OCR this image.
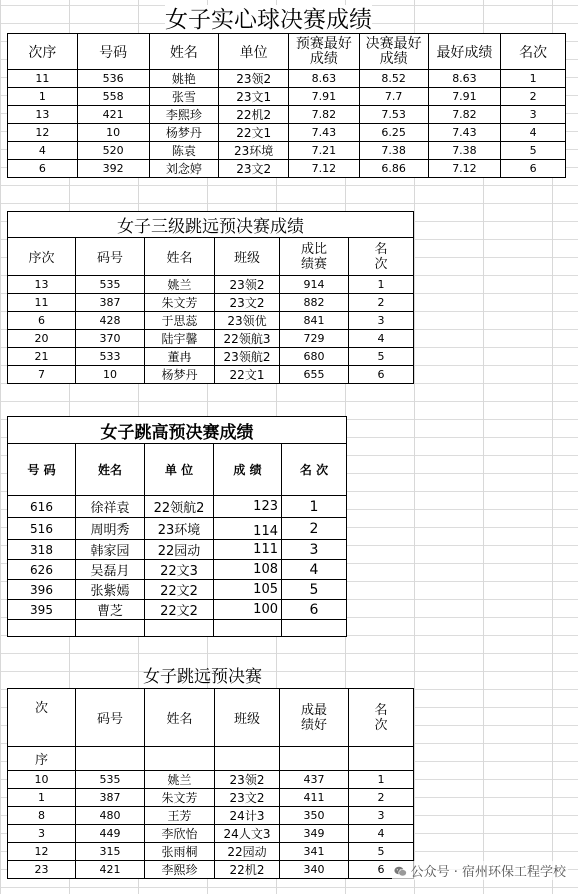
女子实心球决赛成绩
次序	号码	姓名	单位	预赛最好成绩	决赛最好成绩	最好成绩	名次
11	536	姚艳	23领2	8.63	8.52	8.63	1
1	558	张雪	23文1	7.91	7.7	7.91	2
13	421	李熙珍	22机2	7.82	7.53	7.82	3
12	10	杨梦丹	22文1	7.43	6.25	7.43	4
4	520	陈袁	23环境	7.21	7.38	7.38	5
6	392	刘念婷	23文2	7.12	6.86	7.12	6
女子三级跳远预决赛成绩					
序次	码号	姓名	班级	成比绩赛	名次
13	535	姚兰	23领2	914	1
11	387	朱文芳	23文2	882	2
6	428	于思蕊	23领优	841	3
20	370	陆宇馨	22领航3	729	4
21	533	董冉	23领航2	680	5
7	10	杨梦丹	22文1	655	6
女子跳高预决赛成绩				
号 码	姓名	单 位	成 绩	名 次
616	徐祥袁	22领航2	123	1
516	周明秀	23环境	114	2
318	韩家园	22园动	111	3
626	吴磊月	22文3	108	4
396	张紫嫣	22文2	105	5
395	曹芝	22文2	100	6

女子跳远预决赛
次	码号	姓名	班级	成最绩好	名次
序					
10	535	姚兰	23领2	437	1
1	387	朱文芳	23文2	411	2
8	480	王芳	24计3	350	3
3	449	李欣怡	24人文3	349	4
12	315	张雨桐	22园动	341	5
23	421	李熙珍	22机2	340	6	公众号 · 宿州环保工程学校
